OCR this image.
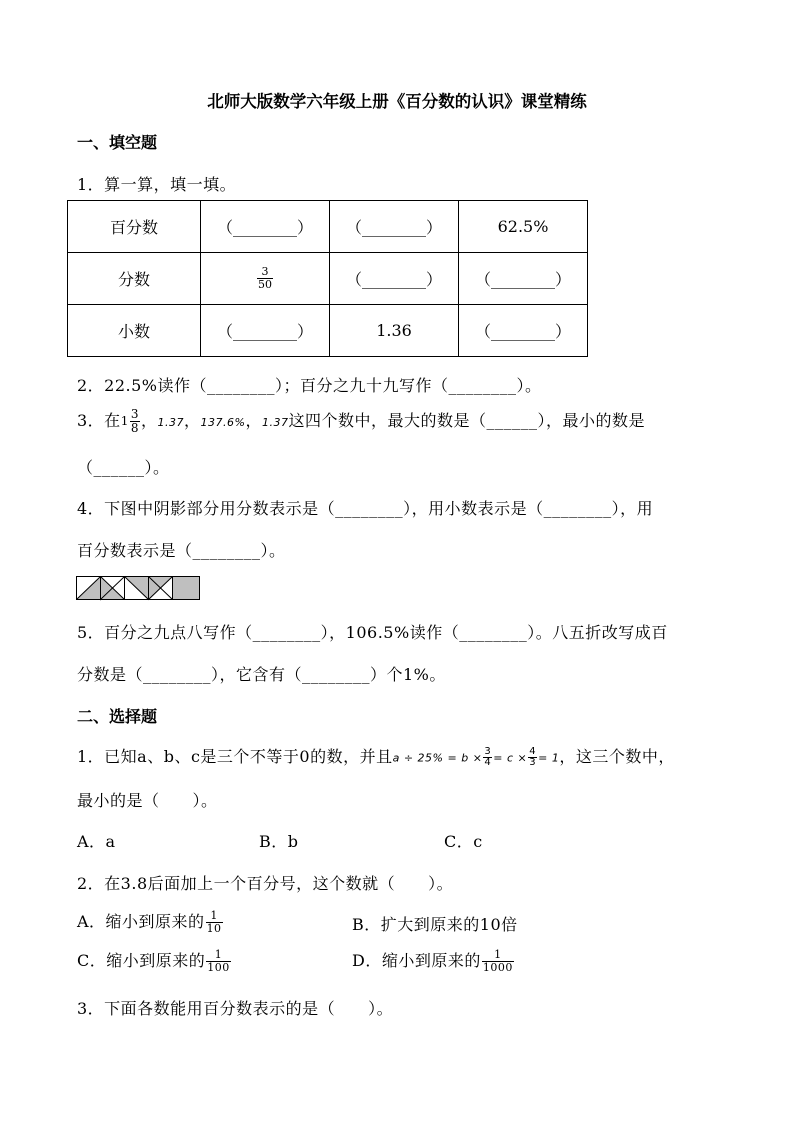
北师大版数学六年级上册《百分数的认识》课堂精练
一、填空题
1．算一算，填一填。
百分数	（________）	（________）	62.5%
分数	$\frac{3}{50}$	（________）	（________）
小数	（________）	1.36	（________）
2．22.5%读作（________）；百分之九十九写作（________）。
3．在$1 \frac{3}{8}$ ，1.37，137.6%，1.37这四个数中，最大的数是（______），最小的数是
（______）。
4．下图中阴影部分用分数表示是（________），用小数表示是（________），用
百分数表示是（________）。
5．百分之九点八写作（________），106.5%读作（________）。八五折改写成百
分数是（________），它含有（________）个1%。
二、选择题
1．已知a、b、c是三个不等于0的数，并且$a \div 25\% = b \times \frac{3}{4} = c \times \frac{4}{3} = 1$，这三个数中，
最小的是（　　）。
A．a	B．b	C．c
2．在3.8后面加上一个百分号，这个数就（　　）。
A．缩小到原来的 $\frac{1}{10}$	B．扩大到原来的10倍
C．缩小到原来的 $\frac{1}{100}$	D．缩小到原来的 $\frac{1}{1000}$
3．下面各数能用百分数表示的是（　　）。
